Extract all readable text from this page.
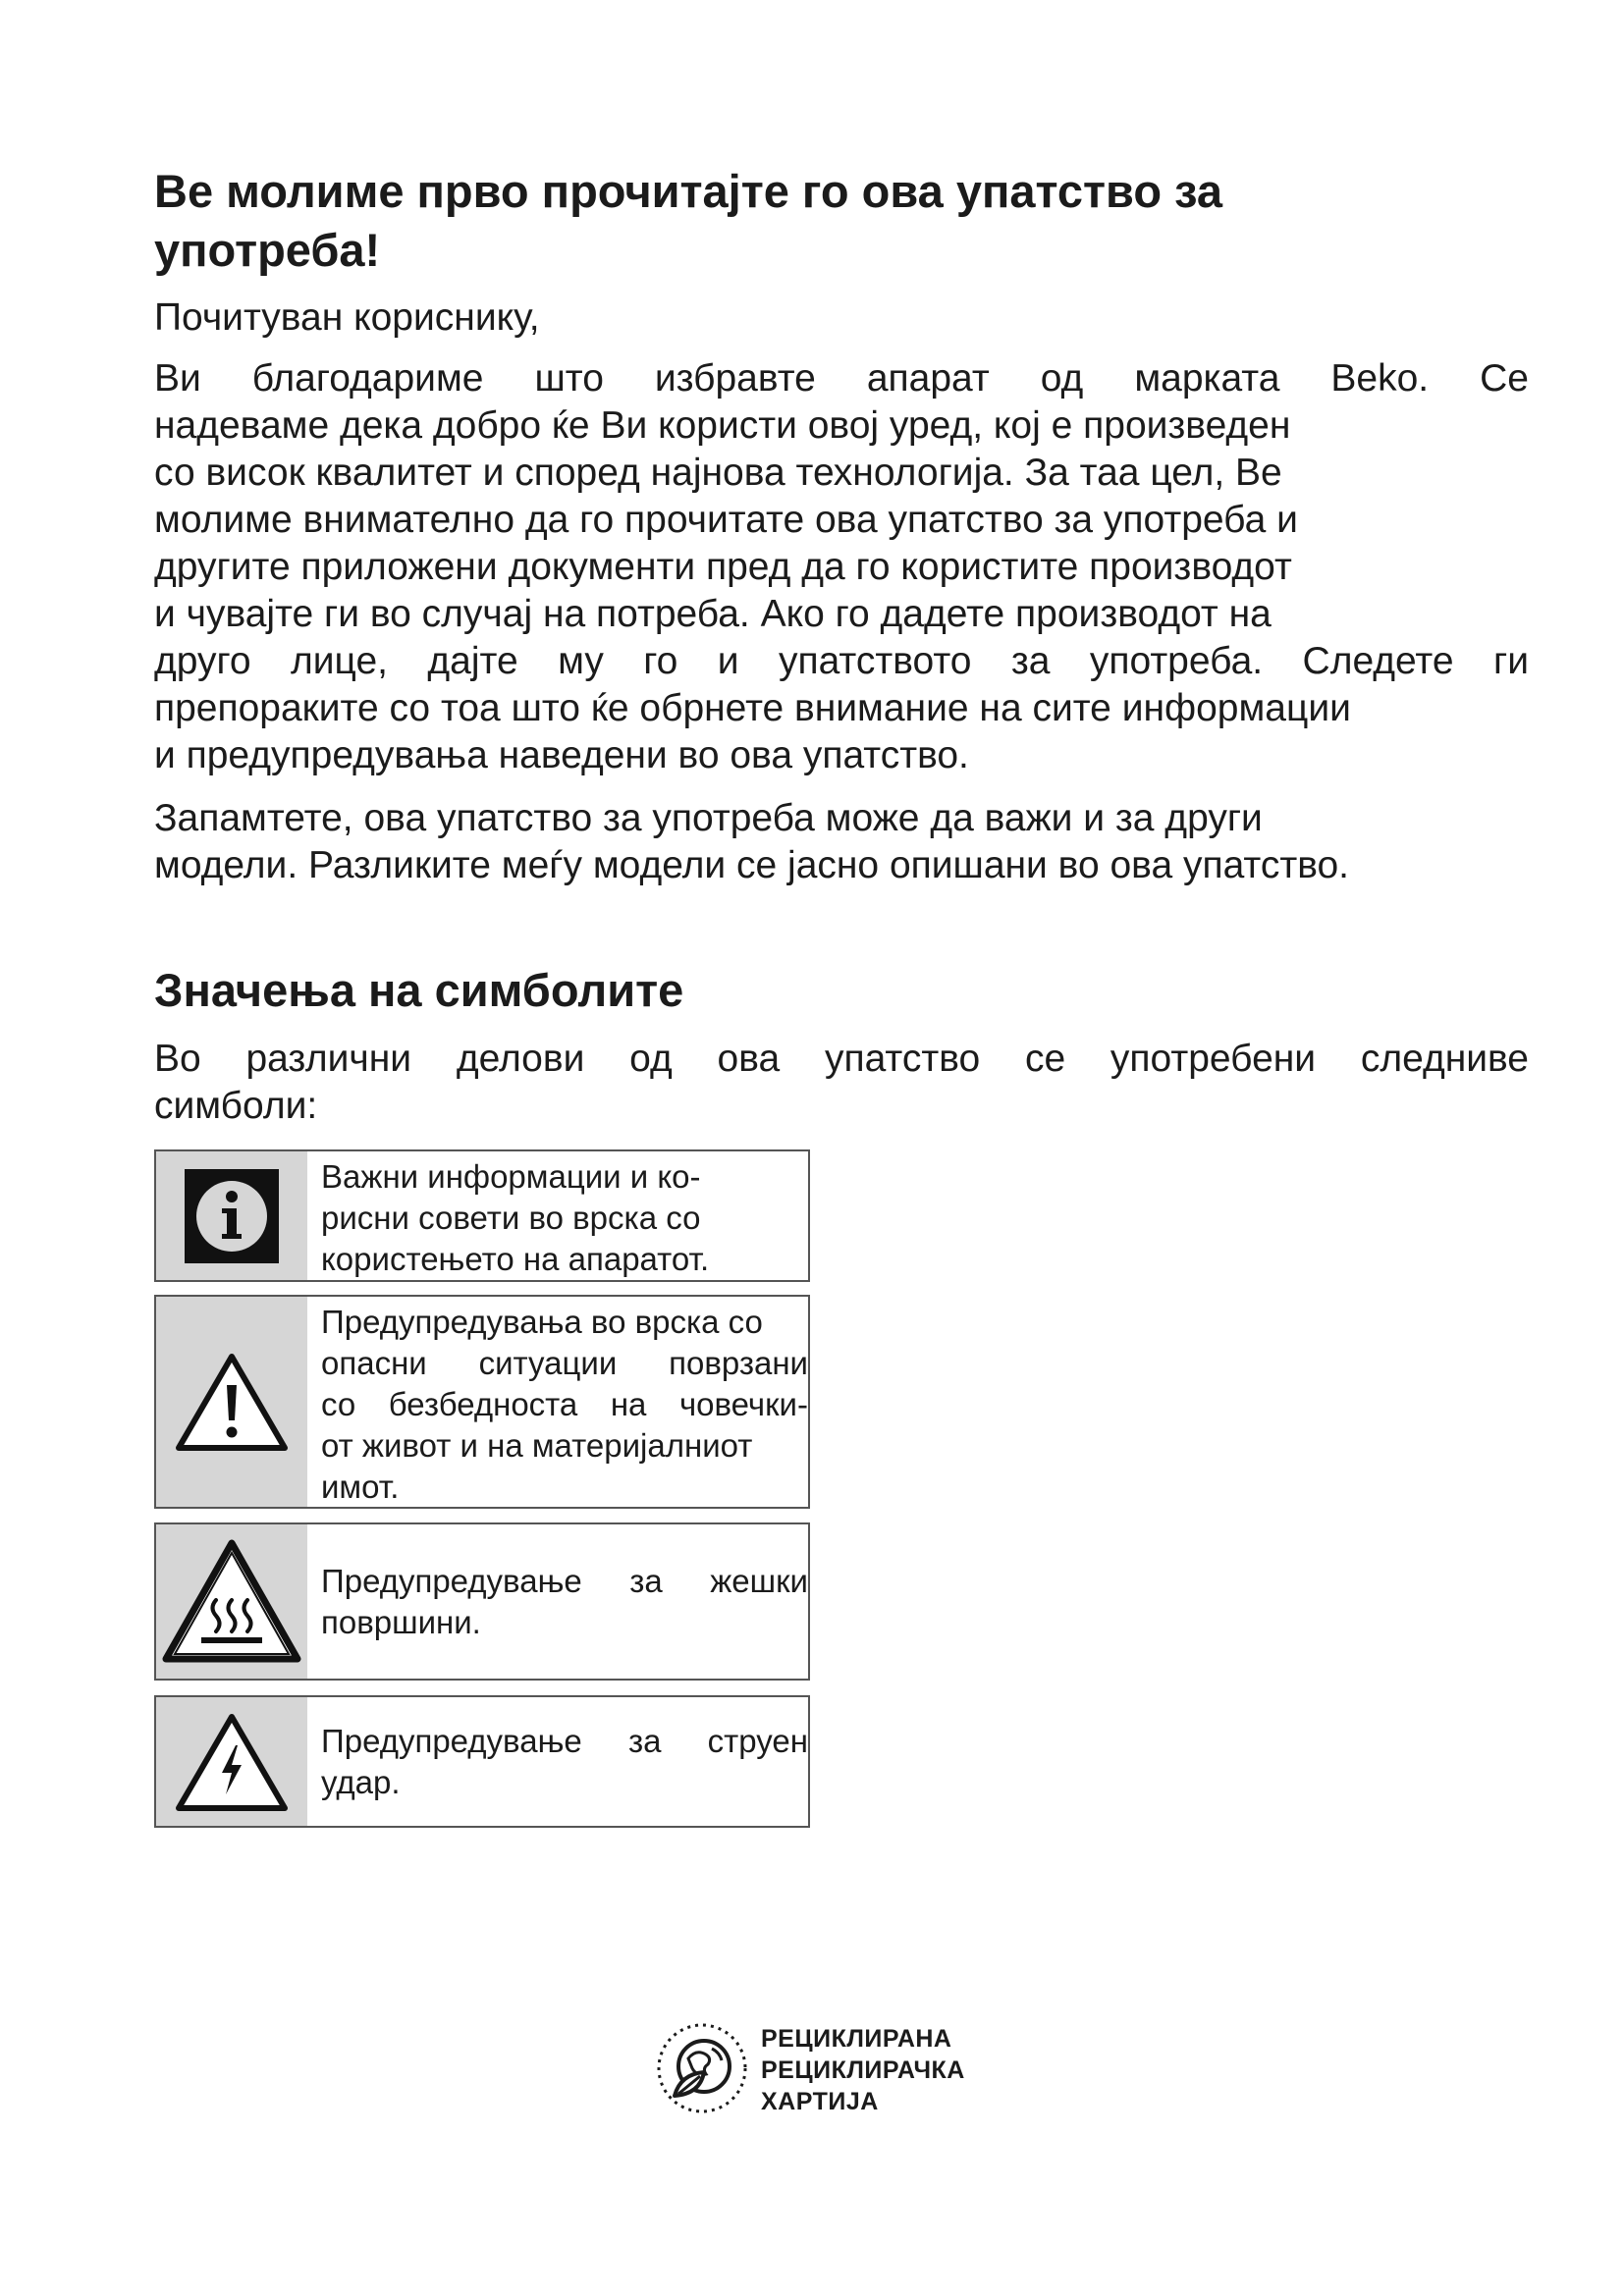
Ве молиме прво прочитајте го ова упатство за
употреба!

Почитуван кориснику,

Ви благодариме што избравте апарат од марката Beko. Се
надеваме дека добро ќе Ви користи овој уред, кој е произведен
со висок квалитет и според најнова технологија. За таа цел, Ве
молиме внимателно да го прочитате ова упатство за употреба и
другите приложени документи пред да го користите производот
и чувајте ги во случај на потреба. Ако го дадете производот на
друго лице, дајте му го и упатството за употреба. Следете ги
препораките со тоа што ќе обрнете внимание на сите информации
и предупредувања наведени во ова упатство.
Запамтете, ова упатство за употреба може да важи и за други
модели. Разликите меѓу модели се јасно опишани во ова упатство.
Значења на симболите
Во различни делови од ова упатство се употребени следниве
симболи:
Важни информации и ко-
рисни совети во врска со
користењето на апаратот.
Предупредувања во врска со
опасни ситуации поврзани
со безбедноста на човечки-
от живот и на материјалниот
имот.
Предупредување за жешки
површини.
Предупредување за струен
удар.
РЕЦИКЛИРАНА
РЕЦИКЛИРАЧКА
ХАРТИЈА
